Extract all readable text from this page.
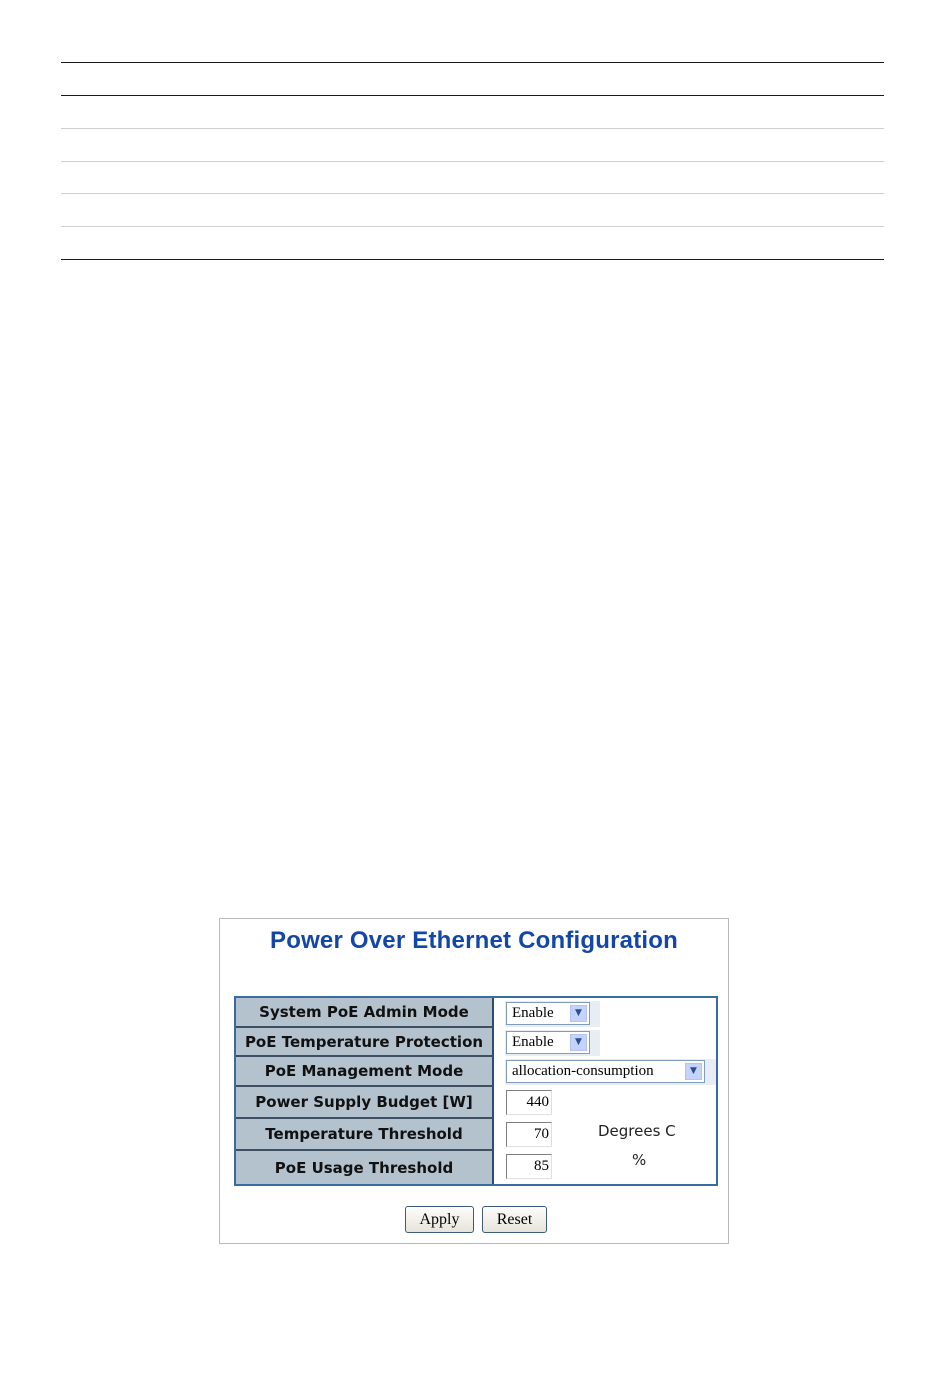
Power Over Ethernet Configuration
System PoE Admin Mode	Enable	▼
PoE Temperature Protection	Enable	▼
PoE Management Mode	allocation-consumption	▼
Power Supply Budget [W]	440
Temperature Threshold	70	Degrees C
PoE Usage Threshold	85	%
Apply	Reset
